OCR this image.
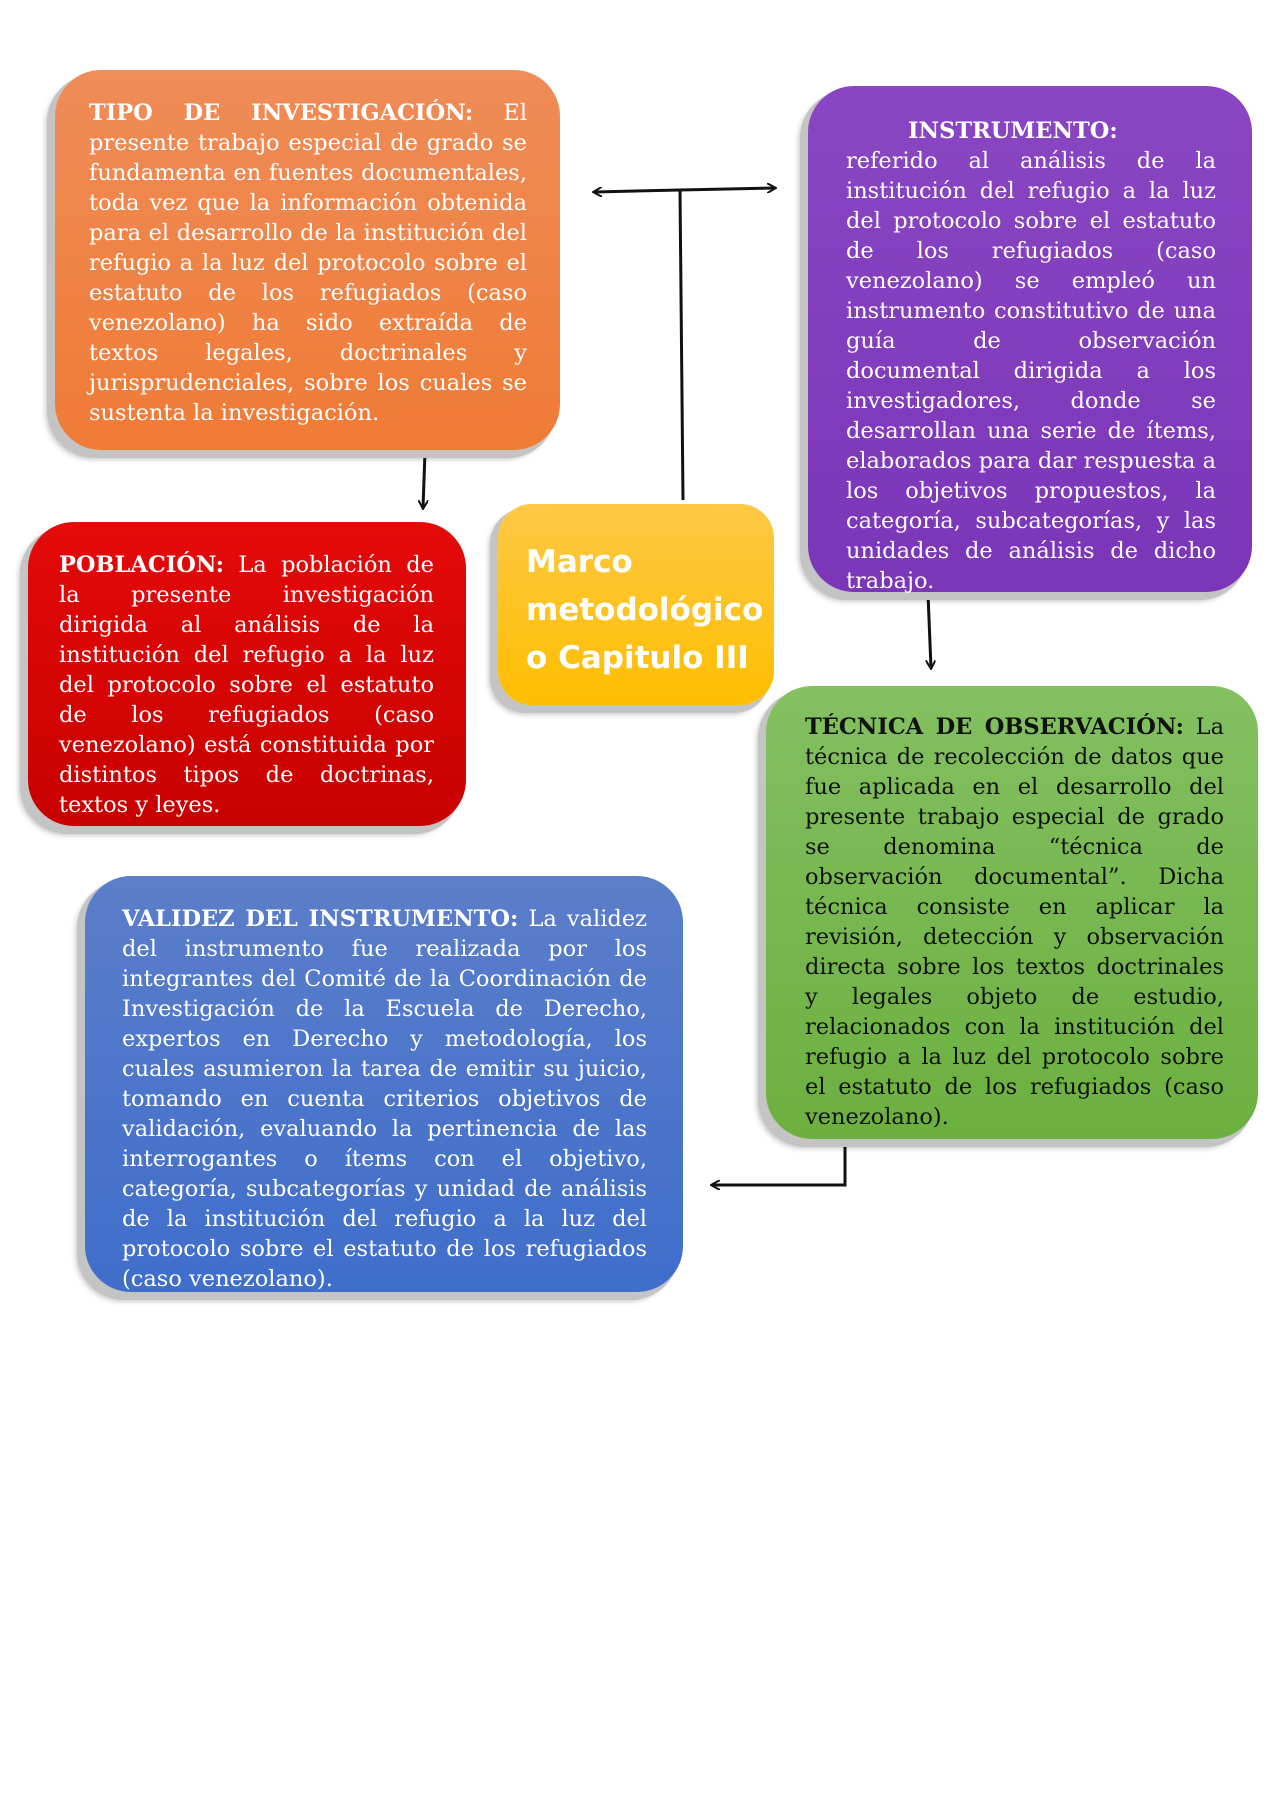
TIPO DE INVESTIGACIÓN: El presente trabajo especial de grado se fundamenta en fuentes documentales, toda vez que la información obtenida para el desarrollo de la institución del refugio a la luz del protocolo sobre el estatuto de los refugiados (caso venezolano) ha sido extraída de textos legales, doctrinales y jurisprudenciales, sobre los cuales se sustenta la investigación.
INSTRUMENTO: referido al análisis de la institución del refugio a la luz del protocolo sobre el estatuto de los refugiados (caso venezolano) se empleó un instrumento constitutivo de una guía de observación documental dirigida a los investigadores, donde se desarrollan una serie de ítems, elaborados para dar respuesta a los objetivos propuestos, la categoría, subcategorías, y las unidades de análisis de dicho trabajo.
POBLACIÓN: La población de la presente investigación dirigida al análisis de la institución del refugio a la luz del protocolo sobre el estatuto de los refugiados (caso venezolano) está constituida por distintos tipos de doctrinas, textos y leyes.
Marco
metodológico
o Capitulo III
TÉCNICA DE OBSERVACIÓN: La técnica de recolección de datos que fue aplicada en el desarrollo del presente trabajo especial de grado se denomina “técnica de observación documental”. Dicha técnica consiste en aplicar la revisión, detección y observación directa sobre los textos doctrinales y legales objeto de estudio, relacionados con la institución del refugio a la luz del protocolo sobre el estatuto de los refugiados (caso venezolano).
VALIDEZ DEL INSTRUMENTO: La validez del instrumento fue realizada por los integrantes del Comité de la Coordinación de Investigación de la Escuela de Derecho, expertos en Derecho y metodología, los cuales asumieron la tarea de emitir su juicio, tomando en cuenta criterios objetivos de validación, evaluando la pertinencia de las interrogantes o ítems con el objetivo, categoría, subcategorías y unidad de análisis de la institución del refugio a la luz del protocolo sobre el estatuto de los refugiados (caso venezolano).
